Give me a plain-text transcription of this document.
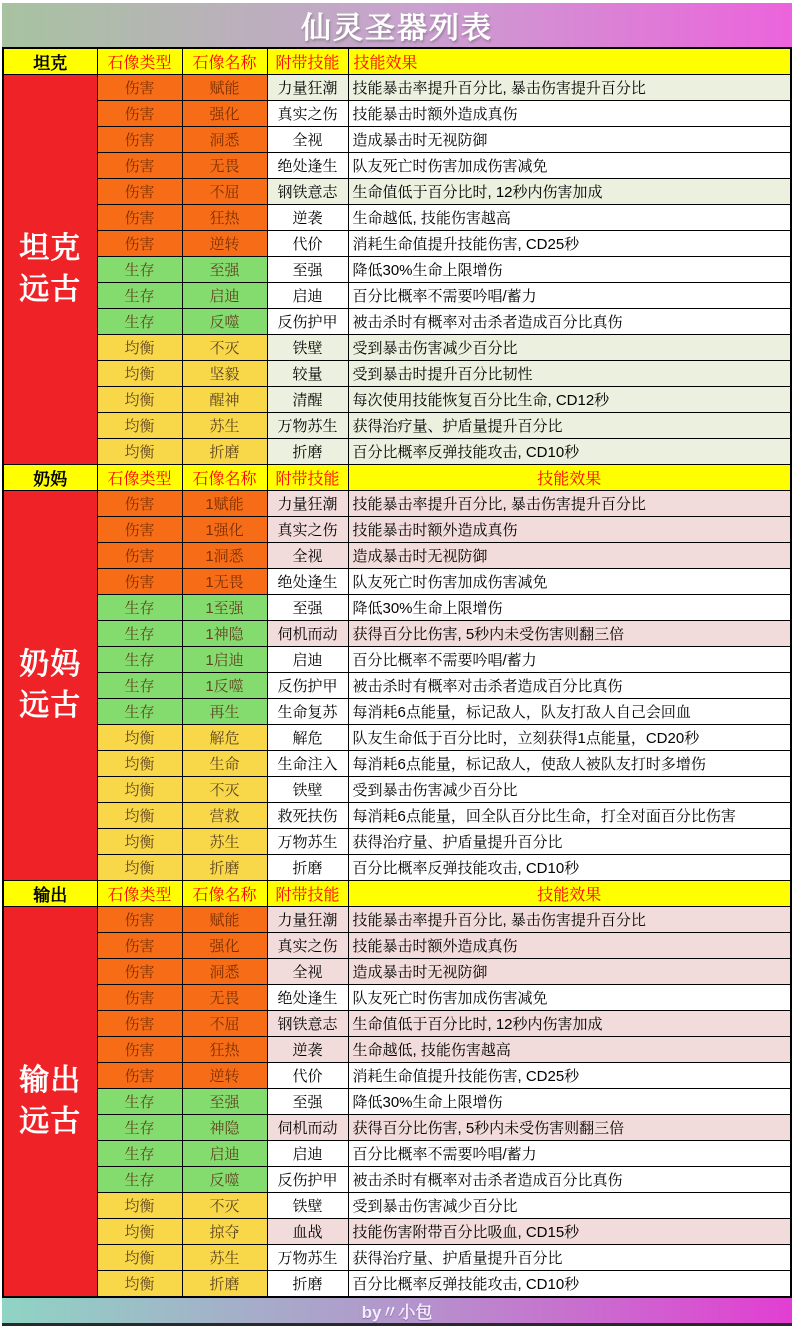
仙灵圣器列表
坦克	石像类型	石像名称	附带技能	技能效果
坦克
远古	伤害	赋能	力量狂潮	技能暴击率提升百分比, 暴击伤害提升百分比
	伤害	强化	真实之伤	技能暴击时额外造成真伤
	伤害	洞悉	全视	造成暴击时无视防御
	伤害	无畏	绝处逢生	队友死亡时伤害加成伤害减免
	伤害	不屈	钢铁意志	生命值低于百分比时, 12秒内伤害加成
	伤害	狂热	逆袭	生命越低, 技能伤害越高
	伤害	逆转	代价	消耗生命值提升技能伤害, CD25秒
	生存	至强	至强	降低30%生命上限增伤
	生存	启迪	启迪	百分比概率不需要吟唱/蓄力
	生存	反噬	反伤护甲	被击杀时有概率对击杀者造成百分比真伤
	均衡	不灭	铁壁	受到暴击伤害减少百分比
	均衡	坚毅	较量	受到暴击时提升百分比韧性
	均衡	醒神	清醒	每次使用技能恢复百分比生命, CD12秒
	均衡	苏生	万物苏生	获得治疗量、护盾量提升百分比
	均衡	折磨	折磨	百分比概率反弹技能攻击, CD10秒
奶妈	石像类型	石像名称	附带技能	技能效果
奶妈
远古	伤害	1赋能	力量狂潮	技能暴击率提升百分比, 暴击伤害提升百分比
	伤害	1强化	真实之伤	技能暴击时额外造成真伤
	伤害	1洞悉	全视	造成暴击时无视防御
	伤害	1无畏	绝处逢生	队友死亡时伤害加成伤害减免
	生存	1至强	至强	降低30%生命上限增伤
	生存	1神隐	伺机而动	获得百分比伤害, 5秒内未受伤害则翻三倍
	生存	1启迪	启迪	百分比概率不需要吟唱/蓄力
	生存	1反噬	反伤护甲	被击杀时有概率对击杀者造成百分比真伤
	生存	再生	生命复苏	每消耗6点能量，标记敌人，队友打敌人自己会回血
	均衡	解危	解危	队友生命低于百分比时，立刻获得1点能量，CD20秒
	均衡	生命	生命注入	每消耗6点能量，标记敌人，使敌人被队友打时多增伤
	均衡	不灭	铁壁	受到暴击伤害减少百分比
	均衡	营救	救死扶伤	每消耗6点能量，回全队百分比生命，打全对面百分比伤害
	均衡	苏生	万物苏生	获得治疗量、护盾量提升百分比
	均衡	折磨	折磨	百分比概率反弹技能攻击, CD10秒
输出	石像类型	石像名称	附带技能	技能效果
输出
远古	伤害	赋能	力量狂潮	技能暴击率提升百分比, 暴击伤害提升百分比
	伤害	强化	真实之伤	技能暴击时额外造成真伤
	伤害	洞悉	全视	造成暴击时无视防御
	伤害	无畏	绝处逢生	队友死亡时伤害加成伤害减免
	伤害	不屈	钢铁意志	生命值低于百分比时, 12秒内伤害加成
	伤害	狂热	逆袭	生命越低, 技能伤害越高
	伤害	逆转	代价	消耗生命值提升技能伤害, CD25秒
	生存	至强	至强	降低30%生命上限增伤
	生存	神隐	伺机而动	获得百分比伤害, 5秒内未受伤害则翻三倍
	生存	启迪	启迪	百分比概率不需要吟唱/蓄力
	生存	反噬	反伤护甲	被击杀时有概率对击杀者造成百分比真伤
	均衡	不灭	铁壁	受到暴击伤害减少百分比
	均衡	掠夺	血战	技能伤害附带百分比吸血, CD15秒
	均衡	苏生	万物苏生	获得治疗量、护盾量提升百分比
	均衡	折磨	折磨	百分比概率反弹技能攻击, CD10秒
by〃小包
